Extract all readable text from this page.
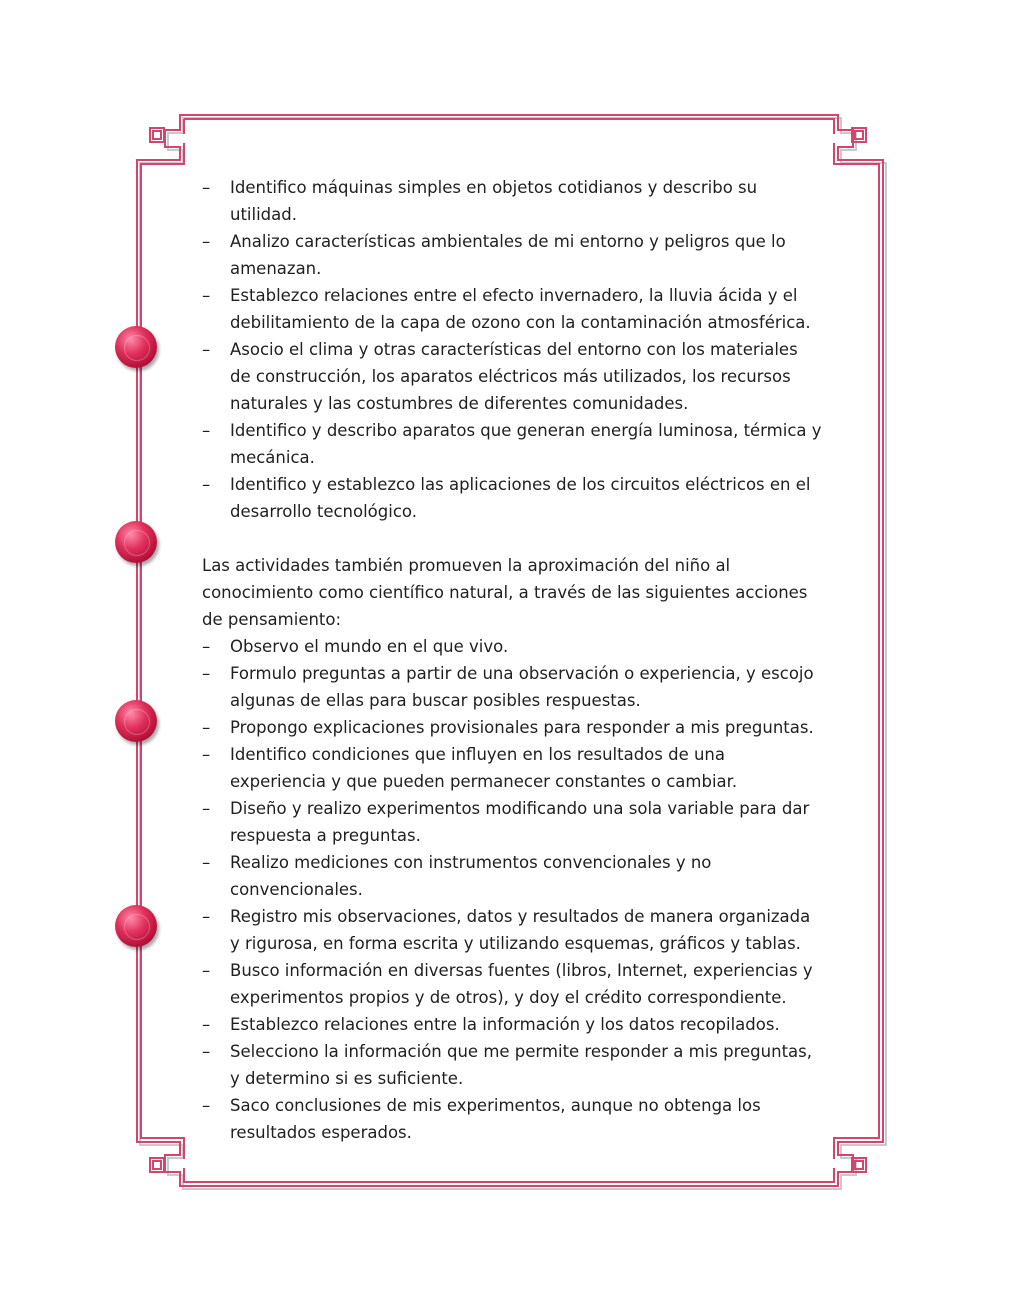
– Identifico máquinas simples en objetos cotidianos y describo su utilidad.
– Analizo características ambientales de mi entorno y peligros que lo amenazan.
– Establezco relaciones entre el efecto invernadero, la lluvia ácida y el debilitamiento de la capa de ozono con la contaminación atmosférica.
– Asocio el clima y otras características del entorno con los materiales de construcción, los aparatos eléctricos más utilizados, los recursos naturales y las costumbres de diferentes comunidades.
– Identifico y describo aparatos que generan energía luminosa, térmica y mecánica.
– Identifico y establezco las aplicaciones de los circuitos eléctricos en el desarrollo tecnológico.

Las actividades también promueven la aproximación del niño al conocimiento como científico natural, a través de las siguientes acciones de pensamiento:

– Observo el mundo en el que vivo.
– Formulo preguntas a partir de una observación o experiencia, y escojo algunas de ellas para buscar posibles respuestas.
– Propongo explicaciones provisionales para responder a mis preguntas.
– Identifico condiciones que influyen en los resultados de una experiencia y que pueden permanecer constantes o cambiar.
– Diseño y realizo experimentos modificando una sola variable para dar respuesta a preguntas.
– Realizo mediciones con instrumentos convencionales y no convencionales.
– Registro mis observaciones, datos y resultados de manera organizada y rigurosa, en forma escrita y utilizando esquemas, gráficos y tablas.
– Busco información en diversas fuentes (libros, Internet, experiencias y experimentos propios y de otros), y doy el crédito correspondiente.
– Establezco relaciones entre la información y los datos recopilados.
– Selecciono la información que me permite responder a mis preguntas, y determino si es suficiente.
– Saco conclusiones de mis experimentos, aunque no obtenga los resultados esperados.
